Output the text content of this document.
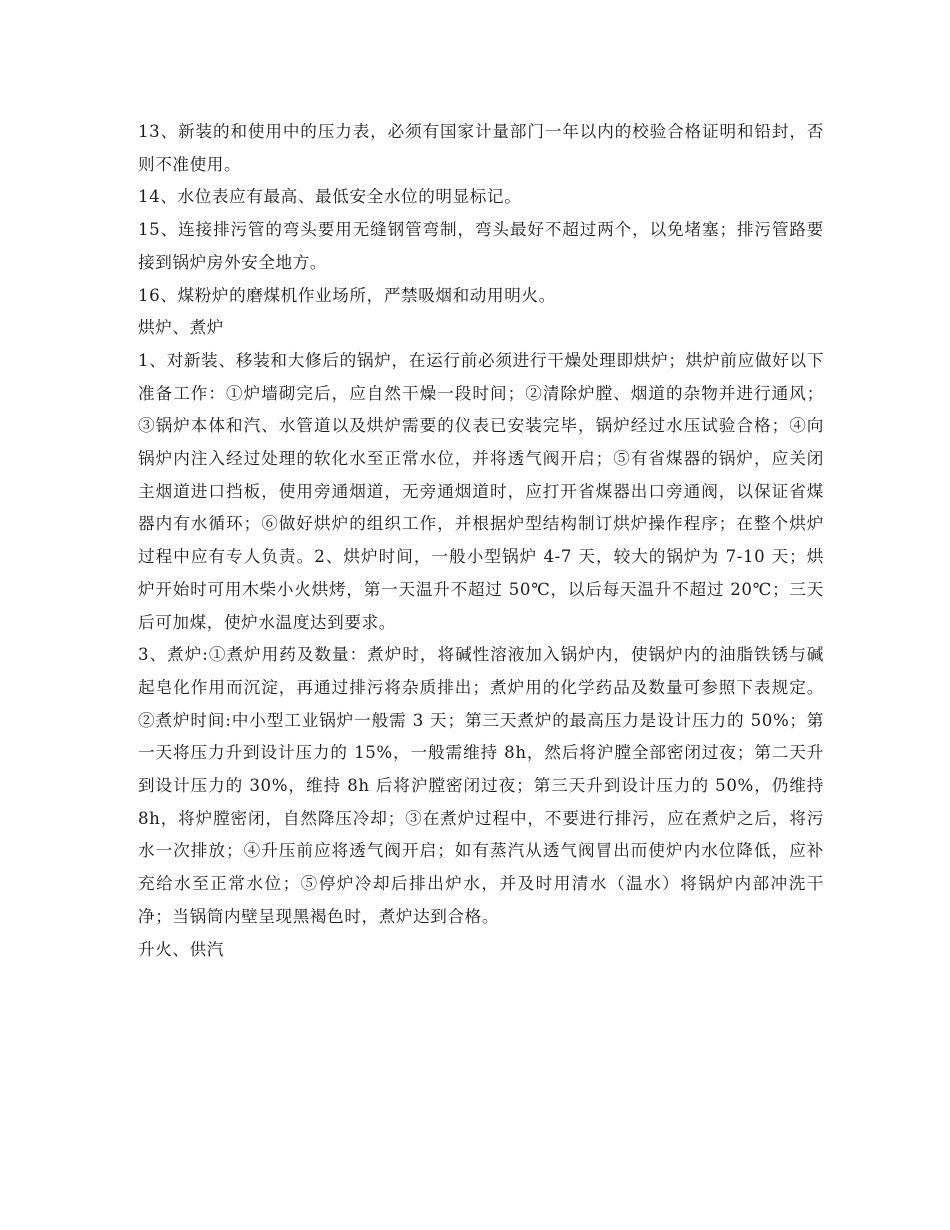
13、新装的和使用中的压力表，必须有国家计量部门一年以内的校验合格证明和铅封，否则不准使用。

14、水位表应有最高、最低安全水位的明显标记。

15、连接排污管的弯头要用无缝钢管弯制，弯头最好不超过两个，以免堵塞；排污管路要接到锅炉房外安全地方。

16、煤粉炉的磨煤机作业场所，严禁吸烟和动用明火。

烘炉、煮炉

1、对新装、移装和大修后的锅炉，在运行前必须进行干燥处理即烘炉；烘炉前应做好以下准备工作：①炉墙砌完后，应自然干燥一段时间；②清除炉膛、烟道的杂物并进行通风；③锅炉本体和汽、水管道以及烘炉需要的仪表已安装完毕，锅炉经过水压试验合格；④向锅炉内注入经过处理的软化水至正常水位，并将透气阀开启；⑤有省煤器的锅炉，应关闭主烟道进口挡板，使用旁通烟道，无旁通烟道时，应打开省煤器出口旁通阀，以保证省煤器内有水循环；⑥做好烘炉的组织工作，并根据炉型结构制订烘炉操作程序；在整个烘炉过程中应有专人负责。2、烘炉时间，一般小型锅炉 4-7 天，较大的锅炉为 7-10 天；烘炉开始时可用木柴小火烘烤，第一天温升不超过 50℃，以后每天温升不超过 20℃；三天后可加煤，使炉水温度达到要求。

3、煮炉:①煮炉用药及数量：煮炉时，将碱性溶液加入锅炉内，使锅炉内的油脂铁锈与碱起皂化作用而沉淀，再通过排污将杂质排出；煮炉用的化学药品及数量可参照下表规定。②煮炉时间:中小型工业锅炉一般需 3 天；第三天煮炉的最高压力是设计压力的 50%；第一天将压力升到设计压力的 15%，一般需维持 8h，然后将沪膛全部密闭过夜；第二天升到设计压力的 30%，维持 8h 后将沪膛密闭过夜；第三天升到设计压力的 50%，仍维持 8h，将炉膛密闭，自然降压冷却；③在煮炉过程中，不要进行排污，应在煮炉之后，将污水一次排放；④升压前应将透气阀开启；如有蒸汽从透气阀冒出而使炉内水位降低，应补充给水至正常水位；⑤停炉冷却后排出炉水，并及时用清水（温水）将锅炉内部冲洗干净；当锅筒内壁呈现黑褐色时，煮炉达到合格。

升火、供汽
